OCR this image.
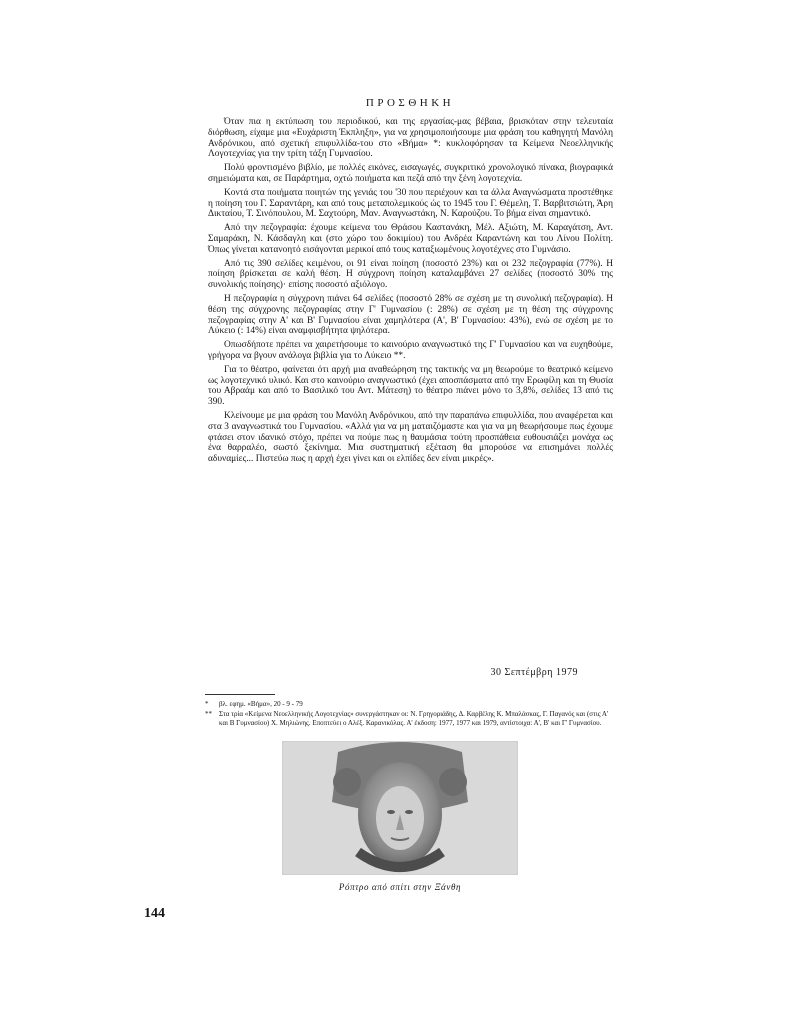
ΠΡΟΣΘΗΚΗ

Όταν πια η εκτύπωση του περιοδικού, και της εργασίας-μας βέβαια, βρισκόταν στην τελευταία διόρθωση, είχαμε μια «Ευχάριστη Έκπληξη», για να χρησιμοποιήσουμε μια φράση του καθηγητή Μανόλη Ανδρόνικου, από σχετική επιφυλλίδα-του στο «Βήμα» *: κυκλοφόρησαν τα Κείμενα Νεοελληνικής Λογοτεχνίας για την τρίτη τάξη Γυμνασίου.

Πολύ φροντισμένο βιβλίο, με πολλές εικόνες, εισαγωγές, συγκριτικό χρονολογικό πίνακα, βιογραφικά σημειώματα και, σε Παράρτημα, οχτώ ποιήματα και πεζά από την ξένη λογοτεχνία.

Κοντά στα ποιήματα ποιητών της γενιάς του '30 που περιέχουν και τα άλλα Αναγνώσματα προστέθηκε η ποίηση του Γ. Σαραντάρη, και από τους μεταπολεμικούς ώς το 1945 του Γ. Θέμελη, Τ. Βαρβιτσιώτη, Άρη Δικταίου, Τ. Σινόπουλου, Μ. Σαχτούρη, Μαν. Αναγνωστάκη, Ν. Καρούζου. Το βήμα είναι σημαντικό.

Από την πεζογραφία: έχουμε κείμενα του Θράσου Καστανάκη, Μέλ. Αξιώτη, Μ. Καραγάτση, Αντ. Σαμαράκη, Ν. Κάσδαγλη και (στο χώρο του δοκιμίου) του Ανδρέα Καραντώνη και του Λίνου Πολίτη. Όπως γίνεται κατανοητό εισάγονται μερικοί από τους καταξιωμένους λογοτέχνες στο Γυμνάσιο.

Από τις 390 σελίδες κειμένου, οι 91 είναι ποίηση (ποσοστό 23%) και οι 232 πεζογραφία (77%). Η ποίηση βρίσκεται σε καλή θέση. Η σύγχρονη ποίηση καταλαμβάνει 27 σελίδες (ποσοστό 30% της συνολικής ποίησης)· επίσης ποσοστό αξιόλογο.

Η πεζογραφία η σύγχρονη πιάνει 64 σελίδες (ποσοστό 28% σε σχέση με τη συνολική πεζογραφία). Η θέση της σύγχρονης πεζογραφίας στην Γ' Γυμνασίου (: 28%) σε σχέση με τη θέση της σύγχρονης πεζογραφίας στην Α' και Β' Γυμνασίου είναι χαμηλότερα (Α', Β' Γυμνασίου: 43%), ενώ σε σχέση με το Λύκειο (: 14%) είναι αναμφισβήτητα ψηλότερα.

Οπωσδήποτε πρέπει να χαιρετήσουμε το καινούριο αναγνωστικό της Γ' Γυμνασίου και να ευχηθούμε, γρήγορα να βγουν ανάλογα βιβλία για το Λύκειο **.

Για το θέατρο, φαίνεται ότι αρχή μια αναθεώρηση της τακτικής να μη θεωρούμε το θεατρικό κείμενο ως λογοτεχνικό υλικό. Και στο καινούριο αναγνωστικό (έχει αποσπάσματα από την Ερωφίλη και τη Θυσία του Αβραάμ και από το Βασιλικό του Αντ. Μάτεση) το θέατρο πιάνει μόνο το 3,8%, σελίδες 13 από τις 390.

Κλείνουμε με μια φράση του Μανόλη Ανδρόνικου, από την παραπάνω επιφυλλίδα, που αναφέρεται και στα 3 αναγνωστικά του Γυμνασίου. «Αλλά για να μη ματαιζόμαστε και για να μη θεωρήσουμε πως έχουμε φτάσει στον ιδανικό στόχο, πρέπει να πούμε πως η θαυμάσια τούτη προσπάθεια ευθουσιάζει μονάχα ως ένα θαρραλέο, σωστό ξεκίνημα. Μια συστηματική εξέταση θα μπορούσε να επισημάνει πολλές αδυναμίες... Πιστεύω πως η αρχή έχει γίνει και οι ελπίδες δεν είναι μικρές».

30 Σεπτέμβρη 1979
*	βλ. εφημ. «Βήμα», 20 - 9 - 79
**	Στα τρία «Κείμενα Νεοελληνικής Λογοτεχνίας» συνεργάστηκαν οι: Ν. Γρηγοριάδης, Δ. Καρβέλης Κ. Μπαλάσκας, Γ. Παγανός και (στις Α' και Β Γυμνασίου) Χ. Μηλιώνης. Εποπτεύει ο Αλέξ. Καρανικόλας. Α' έκδοση: 1977, 1977 και 1979, αντίστοιχα: Α', Β' και Γ' Γυμνασίου.
Ρόπτρο από σπίτι στην Ξάνθη
144
